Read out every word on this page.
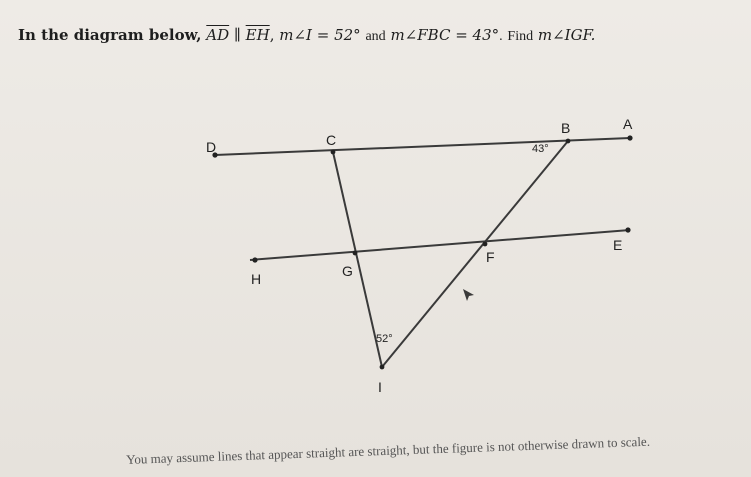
In the diagram below, $\overline{AD}$ ∥ $\overline{EH}$, m∠I = 52° and m∠FBC = 43°. Find m∠IGF.
D	C
B	A
E
F
G
H
I
43°
52°
You may assume lines that appear straight are straight, but the figure is not otherwise drawn to scale.
